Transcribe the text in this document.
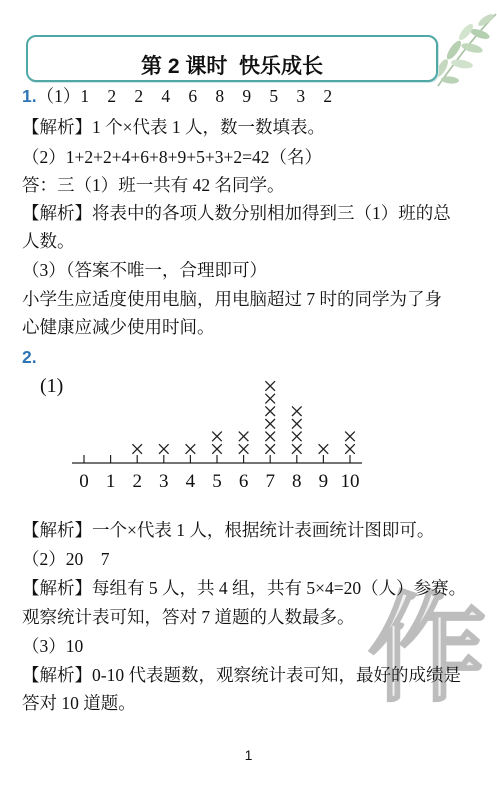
作
第 2 课时  快乐成长
1.（1）1 2 2 4 6 8 9 5 3 2
【解析】1 个×代表 1 人，数一数填表。
（2）1+2+2+4+6+8+9+5+3+2=42（名）
答：三（1）班一共有 42 名同学。
【解析】将表中的各项人数分别相加得到三（1）班的总
人数。
（3）（答案不唯一，合理即可）
小学生应适度使用电脑，用电脑超过 7 时的同学为了身
心健康应减少使用时间。
2.
(1)
0 1 2 3 4 5 6 7 8 9 10
【解析】一个×代表 1 人，根据统计表画统计图即可。
（2）20　7
【解析】每组有 5 人，共 4 组，共有 5×4=20（人）参赛。
观察统计表可知，答对 7 道题的人数最多。
（3）10
【解析】0-10 代表题数，观察统计表可知，最好的成绩是
答对 10 道题。
1
